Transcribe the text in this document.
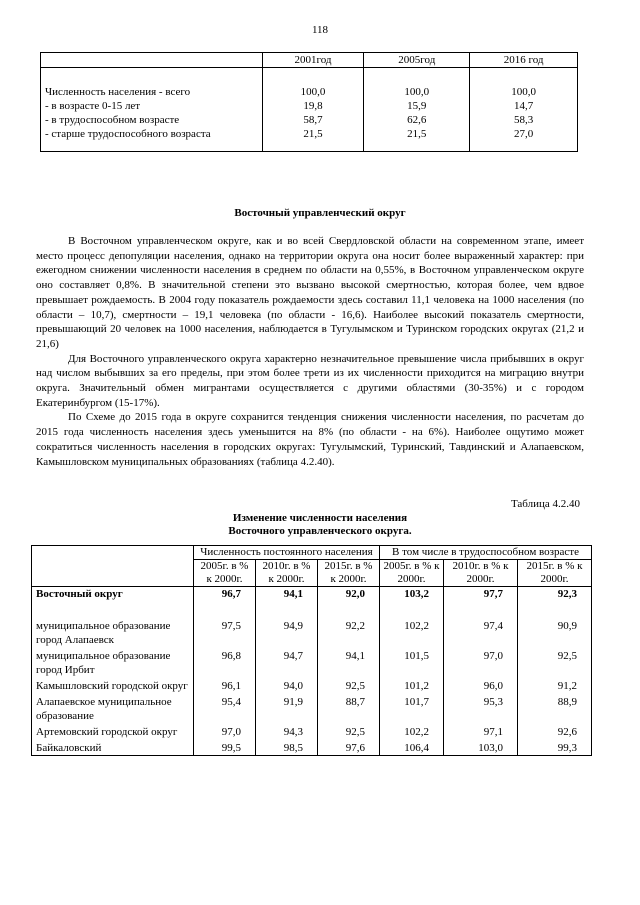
118
	2001год	2005год	2016 год

Численность населения - всего	100,0	100,0	100,0
- в возрасте 0-15 лет	19,8	15,9	14,7
- в трудоспособном возрасте	58,7	62,6	58,3
- старше трудоспособного возраста	21,5	21,5	27,0
Восточный управленческий округ

В Восточном управленческом округе, как и во всей Свердловской области на современном этапе, имеет место процесс депопуляции населения, однако на территории округа она носит более выраженный характер: при ежегодном снижении численности населения в среднем по области на 0,55%, в Восточном управленческом округе оно составляет 0,8%. В значительной степени это вызвано высокой смертностью, которая более, чем вдвое превышает рождаемость. В 2004 году показатель рождаемости здесь составил 11,1 человека на 1000 населения (по области – 10,7), смертности – 19,1 человека (по области - 16,6). Наиболее высокий показатель смертности, превышающий 20 человек на 1000 населения, наблюдается в Тугулымском и Туринском городских округах (21,2 и 21,6)

Для Восточного управленческого округа характерно незначительное превышение числа прибывших в округ над числом выбывших за его пределы, при этом более трети из их численности приходится на миграцию внутри округа. Значительный обмен мигрантами осуществляется с другими областями (30-35%) и с городом Екатеринбургом (15-17%).

По Схеме до 2015 года в округе сохранится тенденция снижения численности населения, по расчетам до 2015 года численность населения здесь уменьшится на 8% (по области - на 6%). Наиболее ощутимо может сократиться численность населения в городских округах: Тугулымский, Туринский, Тавдинский и Алапаевском, Камышловском муниципальных образованиях (таблица 4.2.40).

Таблица 4.2.40
Изменение численности населения
Восточного управленческого округа.
	Численность постоянного населения			В том числе в трудоспособном возрасте		
	2005г. в % к 2000г.	2010г. в % к 2000г.	2015г. в % к 2000г.	2005г. в % к 2000г.	2010г. в % к 2000г.	2015г. в % к 2000г.
Восточный округ	96,7	94,1	92,0	103,2	97,7	92,3
муниципальное образование город Алапаевск	97,5	94,9	92,2	102,2	97,4	90,9
муниципальное образование город Ирбит	96,8	94,7	94,1	101,5	97,0	92,5
Камышловский городской округ	96,1	94,0	92,5	101,2	96,0	91,2
Алапаевское муниципальное образование	95,4	91,9	88,7	101,7	95,3	88,9
Артемовский городской округ	97,0	94,3	92,5	102,2	97,1	92,6
Байкаловский	99,5	98,5	97,6	106,4	103,0	99,3
